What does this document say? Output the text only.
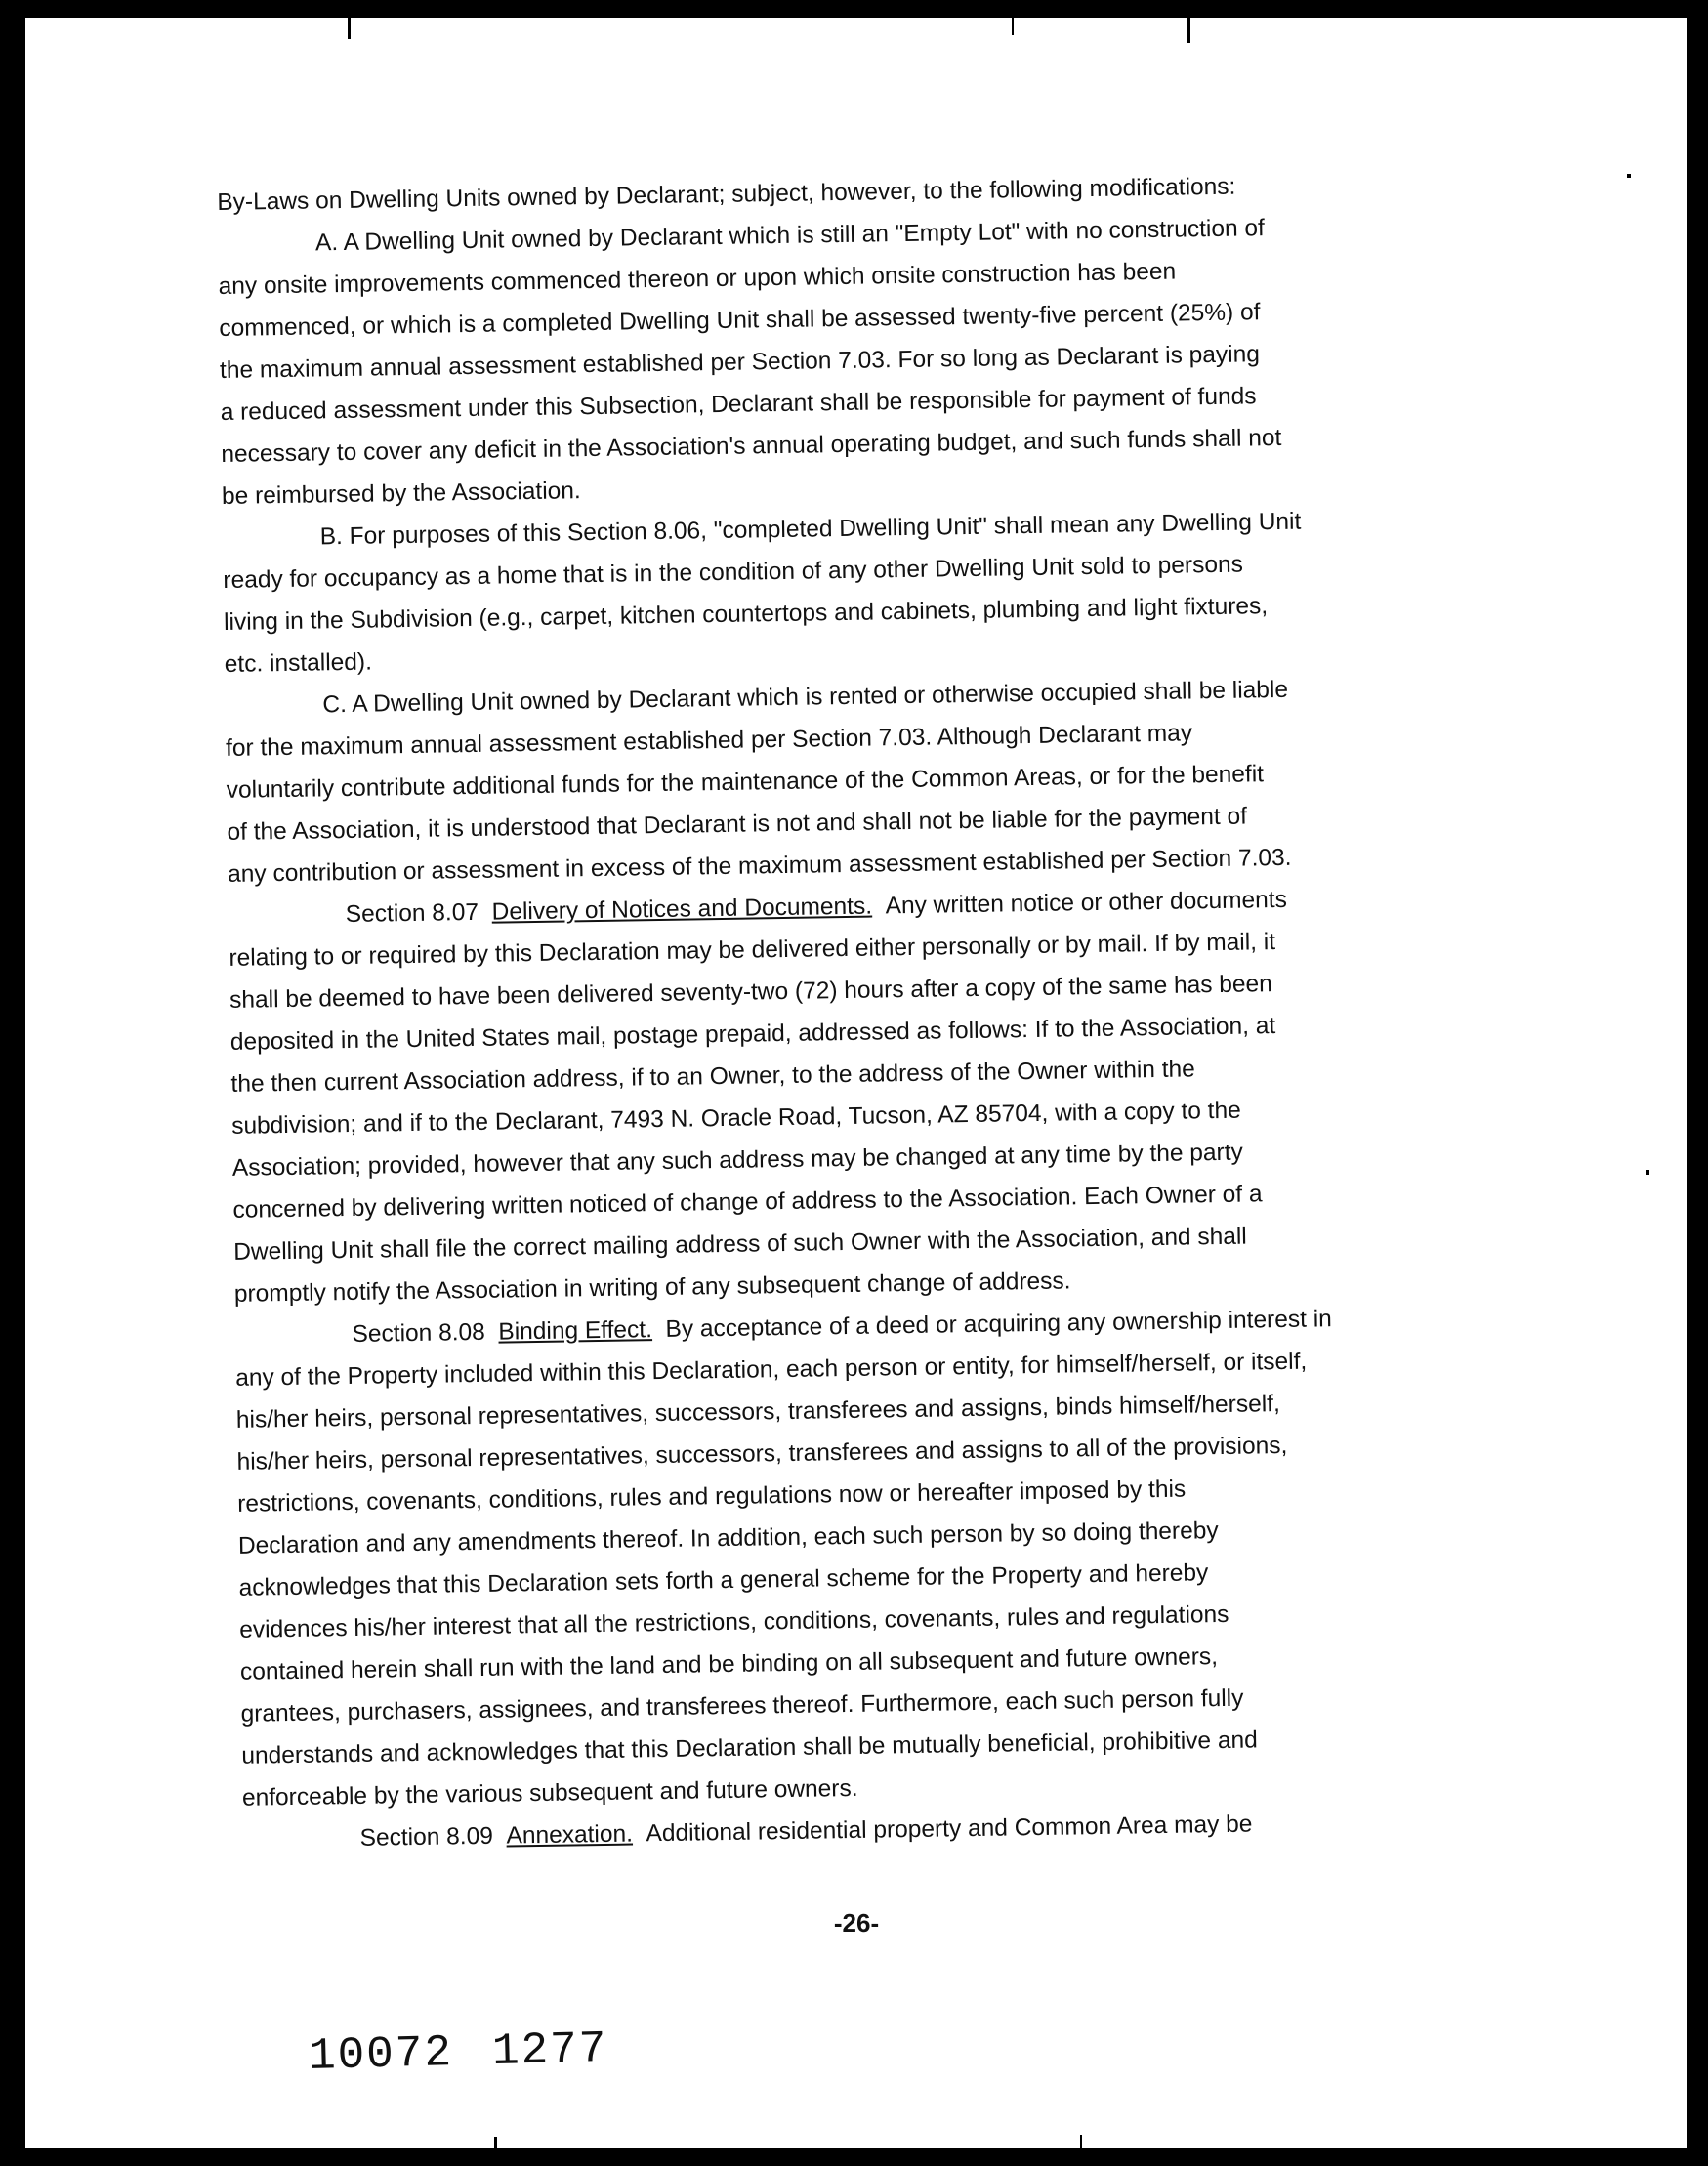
By-Laws on Dwelling Units owned by Declarant; subject, however, to the following modifications:
A. A Dwelling Unit owned by Declarant which is still an "Empty Lot" with no construction of
any onsite improvements commenced thereon or upon which onsite construction has been
commenced, or which is a completed Dwelling Unit shall be assessed twenty-five percent (25%) of
the maximum annual assessment established per Section 7.03. For so long as Declarant is paying
a reduced assessment under this Subsection, Declarant shall be responsible for payment of funds
necessary to cover any deficit in the Association's annual operating budget, and such funds shall not
be reimbursed by the Association.
B. For purposes of this Section 8.06, "completed Dwelling Unit" shall mean any Dwelling Unit
ready for occupancy as a home that is in the condition of any other Dwelling Unit sold to persons
living in the Subdivision (e.g., carpet, kitchen countertops and cabinets, plumbing and light fixtures,
etc. installed).
C. A Dwelling Unit owned by Declarant which is rented or otherwise occupied shall be liable
for the maximum annual assessment established per Section 7.03. Although Declarant may
voluntarily contribute additional funds for the maintenance of the Common Areas, or for the benefit
of the Association, it is understood that Declarant is not and shall not be liable for the payment of
any contribution or assessment in excess of the maximum assessment established per Section 7.03.
Section 8.07 Delivery of Notices and Documents. Any written notice or other documents
relating to or required by this Declaration may be delivered either personally or by mail. If by mail, it
shall be deemed to have been delivered seventy-two (72) hours after a copy of the same has been
deposited in the United States mail, postage prepaid, addressed as follows: If to the Association, at
the then current Association address, if to an Owner, to the address of the Owner within the
subdivision; and if to the Declarant, 7493 N. Oracle Road, Tucson, AZ 85704, with a copy to the
Association; provided, however that any such address may be changed at any time by the party
concerned by delivering written noticed of change of address to the Association. Each Owner of a
Dwelling Unit shall file the correct mailing address of such Owner with the Association, and shall
promptly notify the Association in writing of any subsequent change of address.
Section 8.08 Binding Effect. By acceptance of a deed or acquiring any ownership interest in
any of the Property included within this Declaration, each person or entity, for himself/herself, or itself,
his/her heirs, personal representatives, successors, transferees and assigns, binds himself/herself,
his/her heirs, personal representatives, successors, transferees and assigns to all of the provisions,
restrictions, covenants, conditions, rules and regulations now or hereafter imposed by this
Declaration and any amendments thereof. In addition, each such person by so doing thereby
acknowledges that this Declaration sets forth a general scheme for the Property and hereby
evidences his/her interest that all the restrictions, conditions, covenants, rules and regulations
contained herein shall run with the land and be binding on all subsequent and future owners,
grantees, purchasers, assignees, and transferees thereof. Furthermore, each such person fully
understands and acknowledges that this Declaration shall be mutually beneficial, prohibitive and
enforceable by the various subsequent and future owners.
Section 8.09 Annexation. Additional residential property and Common Area may be
-26-
10072 1277
